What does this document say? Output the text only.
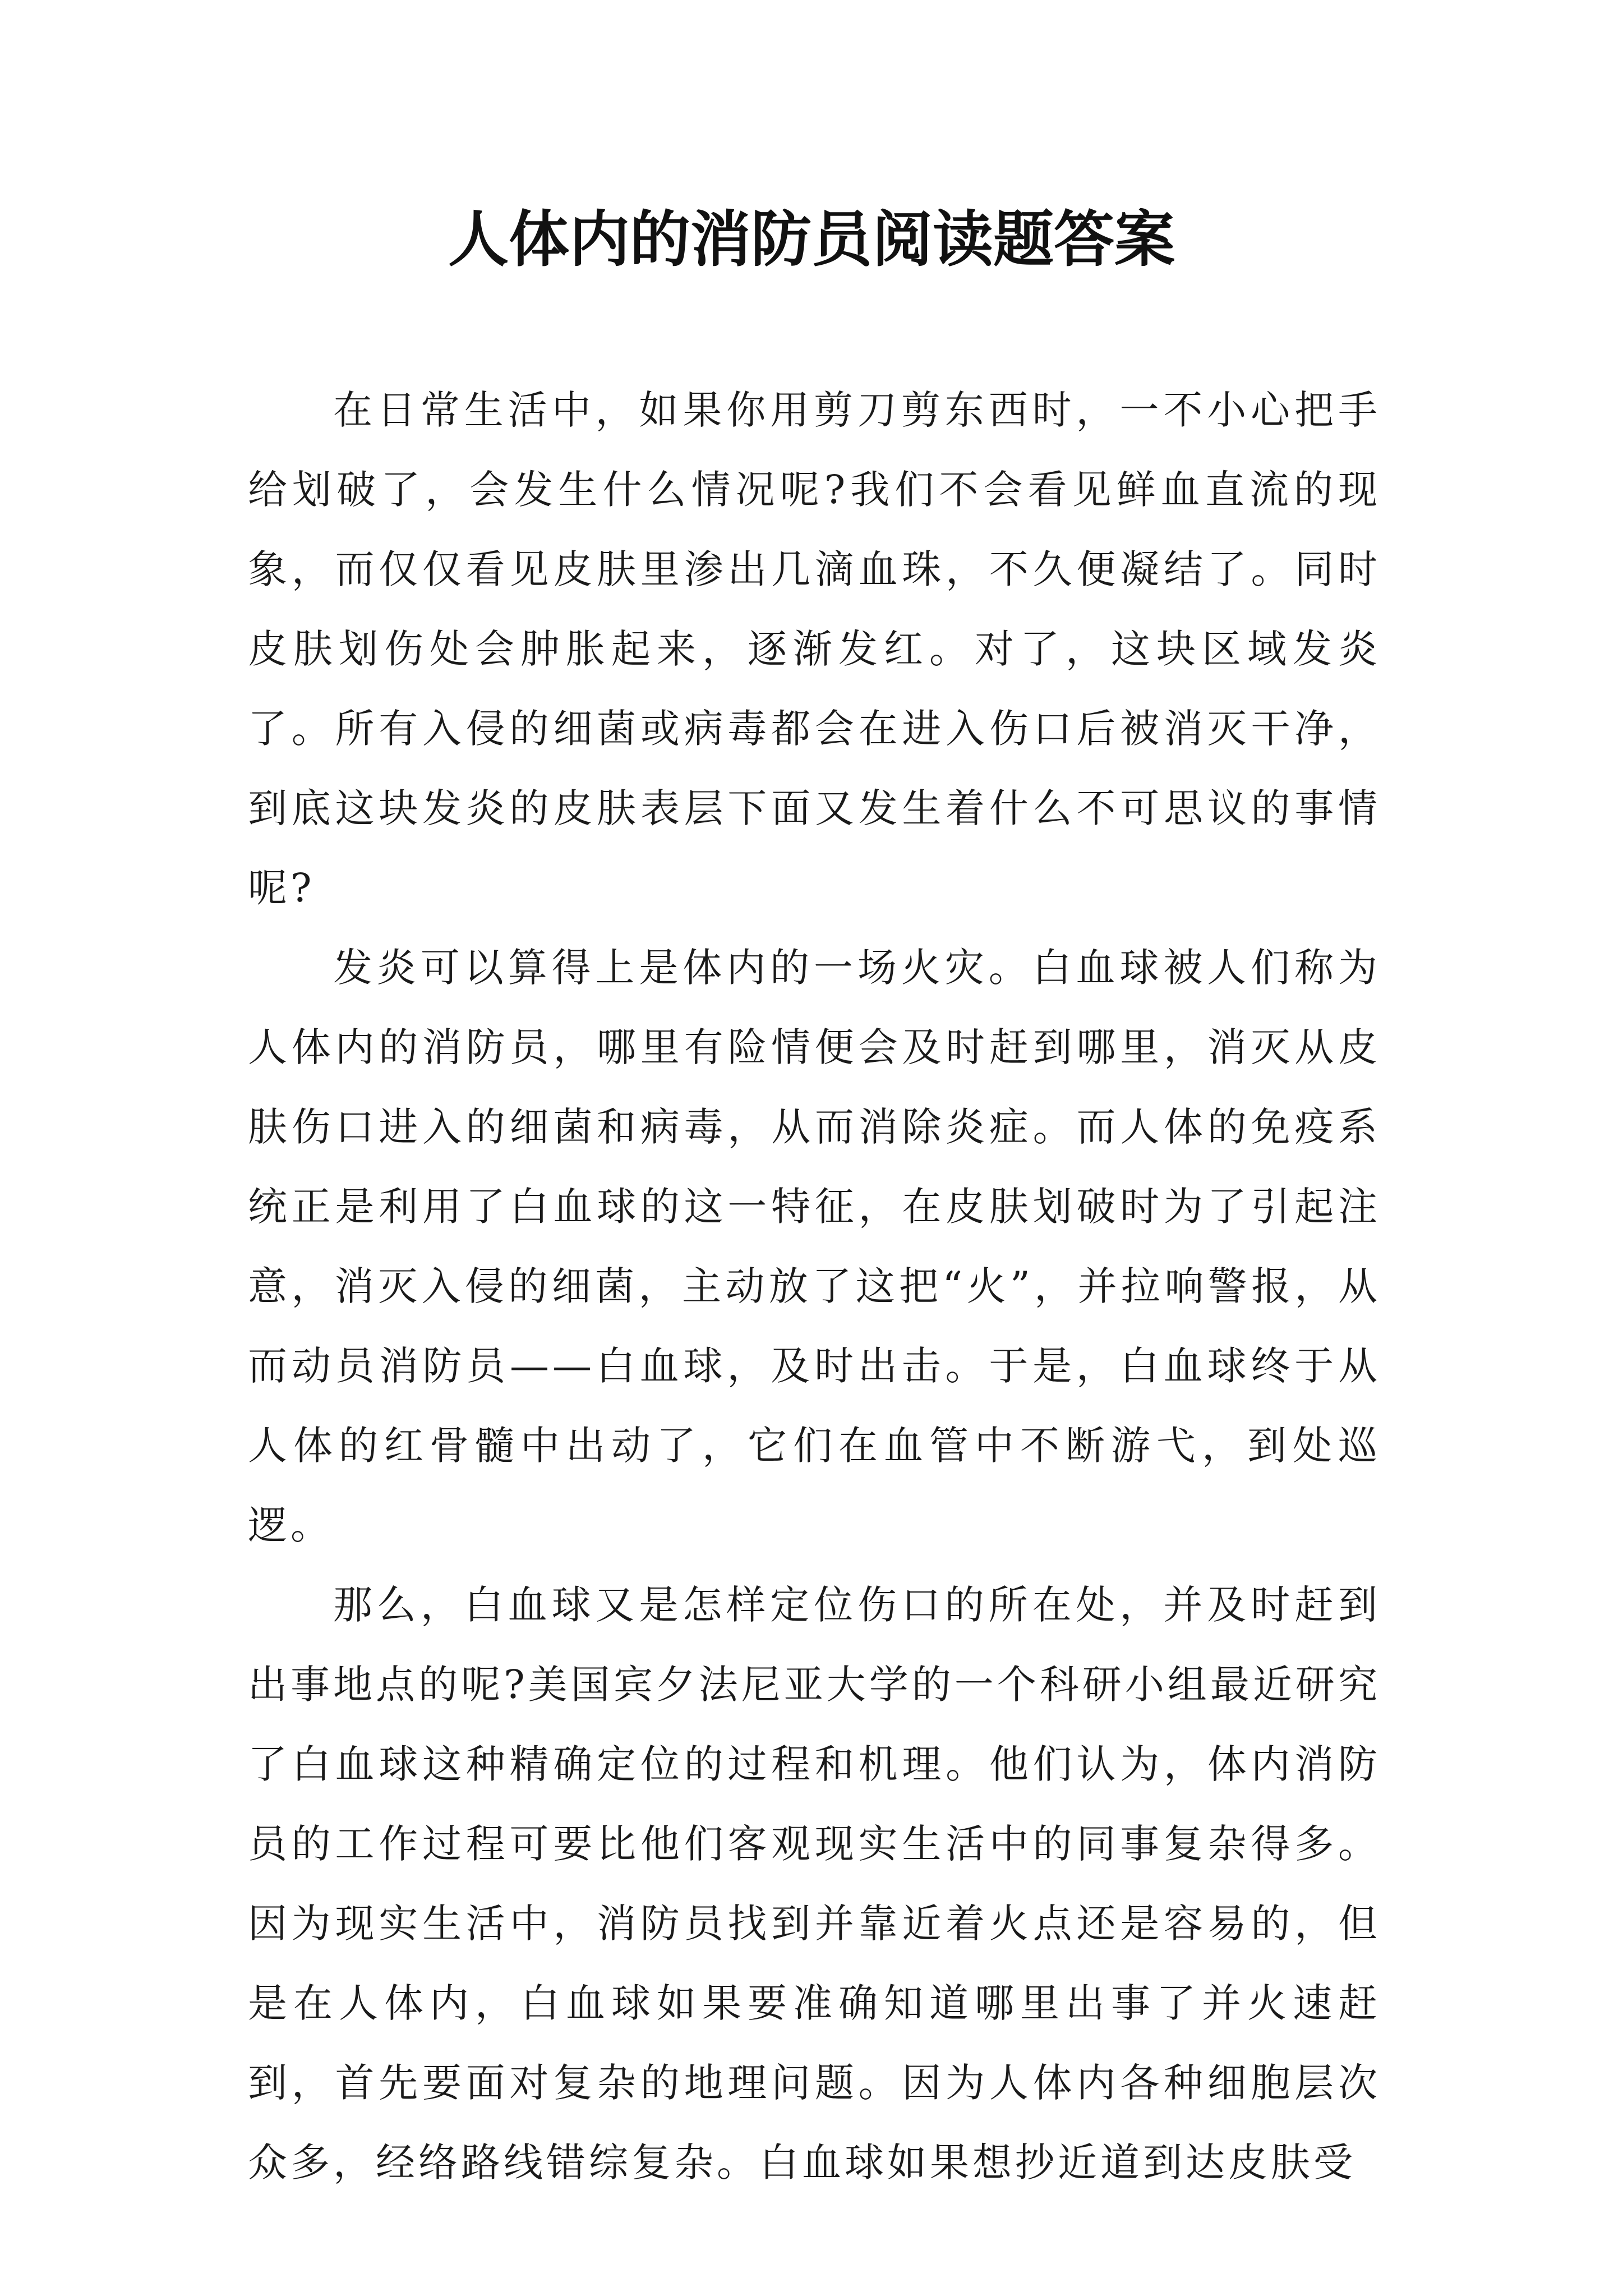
人体内的消防员阅读题答案

在日常生活中，如果你用剪刀剪东西时，一不小心把手给划破了，会发生什么情况呢?我们不会看见鲜血直流的现象，而仅仅看见皮肤里渗出几滴血珠，不久便凝结了。同时皮肤划伤处会肿胀起来，逐渐发红。对了，这块区域发炎了。所有入侵的细菌或病毒都会在进入伤口后被消灭干净，到底这块发炎的皮肤表层下面又发生着什么不可思议的事情呢?

发炎可以算得上是体内的一场火灾。白血球被人们称为人体内的消防员，哪里有险情便会及时赶到哪里，消灭从皮肤伤口进入的细菌和病毒，从而消除炎症。而人体的免疫系统正是利用了白血球的这一特征，在皮肤划破时为了引起注意，消灭入侵的细菌，主动放了这把“火”，并拉响警报，从而动员消防员——白血球，及时出击。于是，白血球终于从人体的红骨髓中出动了，它们在血管中不断游弋，到处巡逻。

那么，白血球又是怎样定位伤口的所在处，并及时赶到出事地点的呢?美国宾夕法尼亚大学的一个科研小组最近研究了白血球这种精确定位的过程和机理。他们认为，体内消防员的工作过程可要比他们客观现实生活中的同事复杂得多。因为现实生活中，消防员找到并靠近着火点还是容易的，但是在人体内，白血球如果要准确知道哪里出事了并火速赶到，首先要面对复杂的地理问题。因为人体内各种细胞层次众多，经络路线错综复杂。白血球如果想抄近道到达皮肤受
